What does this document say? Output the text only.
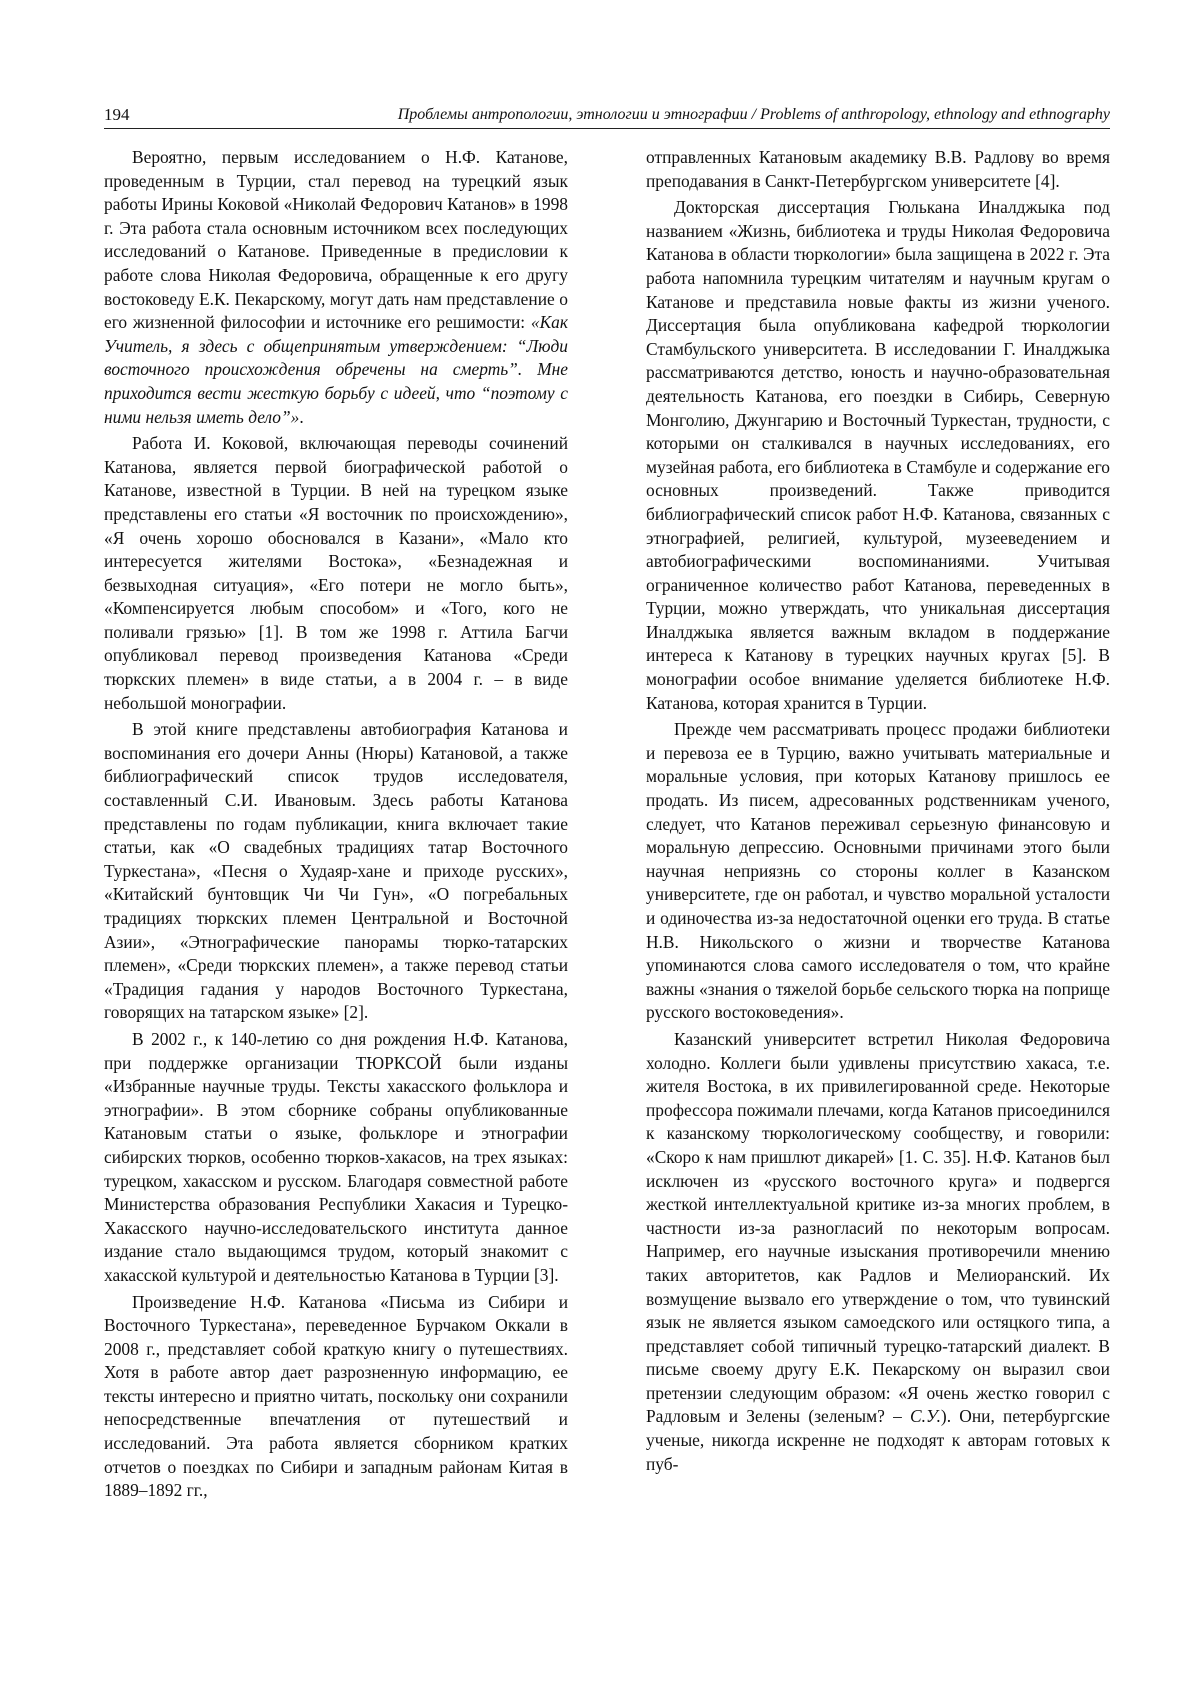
194	Проблемы антропологии, этнологии и этнографии / Problems of anthropology, ethnology and ethnography

Вероятно, первым исследованием о Н.Ф. Катанове, проведенным в Турции, стал перевод на турецкий язык работы Ирины Коковой «Николай Федорович Катанов» в 1998 г. Эта работа стала основным источником всех последующих исследований о Катанове. Приведенные в предисловии к работе слова Николая Федоровича, обращенные к его другу востоковеду Е.К. Пекарскому, могут дать нам представление о его жизненной философии и источнике его решимости: «Как Учитель, я здесь с общепринятым утверждением: “Люди восточного происхождения обречены на смерть”. Мне приходится вести жесткую борьбу с идеей, что “поэтому с ними нельзя иметь дело”».

Работа И. Коковой, включающая переводы сочинений Катанова, является первой биографической работой о Катанове, известной в Турции. В ней на турецком языке представлены его статьи «Я восточник по происхождению», «Я очень хорошо обосновался в Казани», «Мало кто интересуется жителями Востока», «Безнадежная и безвыходная ситуация», «Его потери не могло быть», «Компенсируется любым способом» и «Того, кого не поливали грязью» [1]. В том же 1998 г. Аттила Багчи опубликовал перевод произведения Катанова «Среди тюркских племен» в виде статьи, а в 2004 г. – в виде небольшой монографии.

В этой книге представлены автобиография Катанова и воспоминания его дочери Анны (Нюры) Катановой, а также библиографический список трудов исследователя, составленный С.И. Ивановым. Здесь работы Катанова представлены по годам публикации, книга включает такие статьи, как «О свадебных традициях татар Восточного Туркестана», «Песня о Худаяр-хане и приходе русских», «Китайский бунтовщик Чи Чи Гун», «О погребальных традициях тюркских племен Центральной и Восточной Азии», «Этнографические панорамы тюрко-татарских племен», «Среди тюркских племен», а также перевод статьи «Традиция гадания у народов Восточного Туркестана, говорящих на татарском языке» [2].

В 2002 г., к 140-летию со дня рождения Н.Ф. Катанова, при поддержке организации ТЮРКСОЙ были изданы «Избранные научные труды. Тексты хакасского фольклора и этнографии». В этом сборнике собраны опубликованные Катановым статьи о языке, фольклоре и этнографии сибирских тюрков, особенно тюрков-хакасов, на трех языках: турецком, хакасском и русском. Благодаря совместной работе Министерства образования Республики Хакасия и Турецко-Хакасского научно-исследовательского института данное издание стало выдающимся трудом, который знакомит с хакасской культурой и деятельностью Катанова в Турции [3].

Произведение Н.Ф. Катанова «Письма из Сибири и Восточного Туркестана», переведенное Бурчаком Оккали в 2008 г., представляет собой краткую книгу о путешествиях. Хотя в работе автор дает разрозненную информацию, ее тексты интересно и приятно читать, поскольку они сохранили непосредственные впечатления от путешествий и исследований. Эта работа является сборником кратких отчетов о поездках по Сибири и западным районам Китая в 1889–1892 гг.,

отправленных Катановым академику В.В. Радлову во время преподавания в Санкт-Петербургском университете [4].

Докторская диссертация Гюлькана Иналджыка под названием «Жизнь, библиотека и труды Николая Федоровича Катанова в области тюркологии» была защищена в 2022 г. Эта работа напомнила турецким читателям и научным кругам о Катанове и представила новые факты из жизни ученого. Диссертация была опубликована кафедрой тюркологии Стамбульского университета. В исследовании Г. Иналджыка рассматриваются детство, юность и научно-образовательная деятельность Катанова, его поездки в Сибирь, Северную Монголию, Джунгарию и Восточный Туркестан, трудности, с которыми он сталкивался в научных исследованиях, его музейная работа, его библиотека в Стамбуле и содержание его основных произведений. Также приводится библиографический список работ Н.Ф. Катанова, связанных с этнографией, религией, культурой, музееведением и автобиографическими воспоминаниями. Учитывая ограниченное количество работ Катанова, переведенных в Турции, можно утверждать, что уникальная диссертация Иналджыка является важным вкладом в поддержание интереса к Катанову в турецких научных кругах [5]. В монографии особое внимание уделяется библиотеке Н.Ф. Катанова, которая хранится в Турции.

Прежде чем рассматривать процесс продажи библиотеки и перевоза ее в Турцию, важно учитывать материальные и моральные условия, при которых Катанову пришлось ее продать. Из писем, адресованных родственникам ученого, следует, что Катанов переживал серьезную финансовую и моральную депрессию. Основными причинами этого были научная неприязнь со стороны коллег в Казанском университете, где он работал, и чувство моральной усталости и одиночества из-за недостаточной оценки его труда. В статье Н.В. Никольского о жизни и творчестве Катанова упоминаются слова самого исследователя о том, что крайне важны «знания о тяжелой борьбе сельского тюрка на поприще русского востоковедения».

Казанский университет встретил Николая Федоровича холодно. Коллеги были удивлены присутствию хакаса, т.е. жителя Востока, в их привилегированной среде. Некоторые профессора пожимали плечами, когда Катанов присоединился к казанскому тюркологическому сообществу, и говорили: «Скоро к нам пришлют дикарей» [1. С. 35]. Н.Ф. Катанов был исключен из «русского восточного круга» и подвергся жесткой интеллектуальной критике из-за многих проблем, в частности из-за разногласий по некоторым вопросам. Например, его научные изыскания противоречили мнению таких авторитетов, как Радлов и Мелиоранский. Их возмущение вызвало его утверждение о том, что тувинский язык не является языком самоедского или остяцкого типа, а представляет собой типичный турецко-татарский диалект. В письме своему другу Е.К. Пекарскому он выразил свои претензии следующим образом: «Я очень жестко говорил с Радловым и Зелены (зеленым? – С.У.). Они, петербургские ученые, никогда искренне не подходят к авторам готовых к пуб-
